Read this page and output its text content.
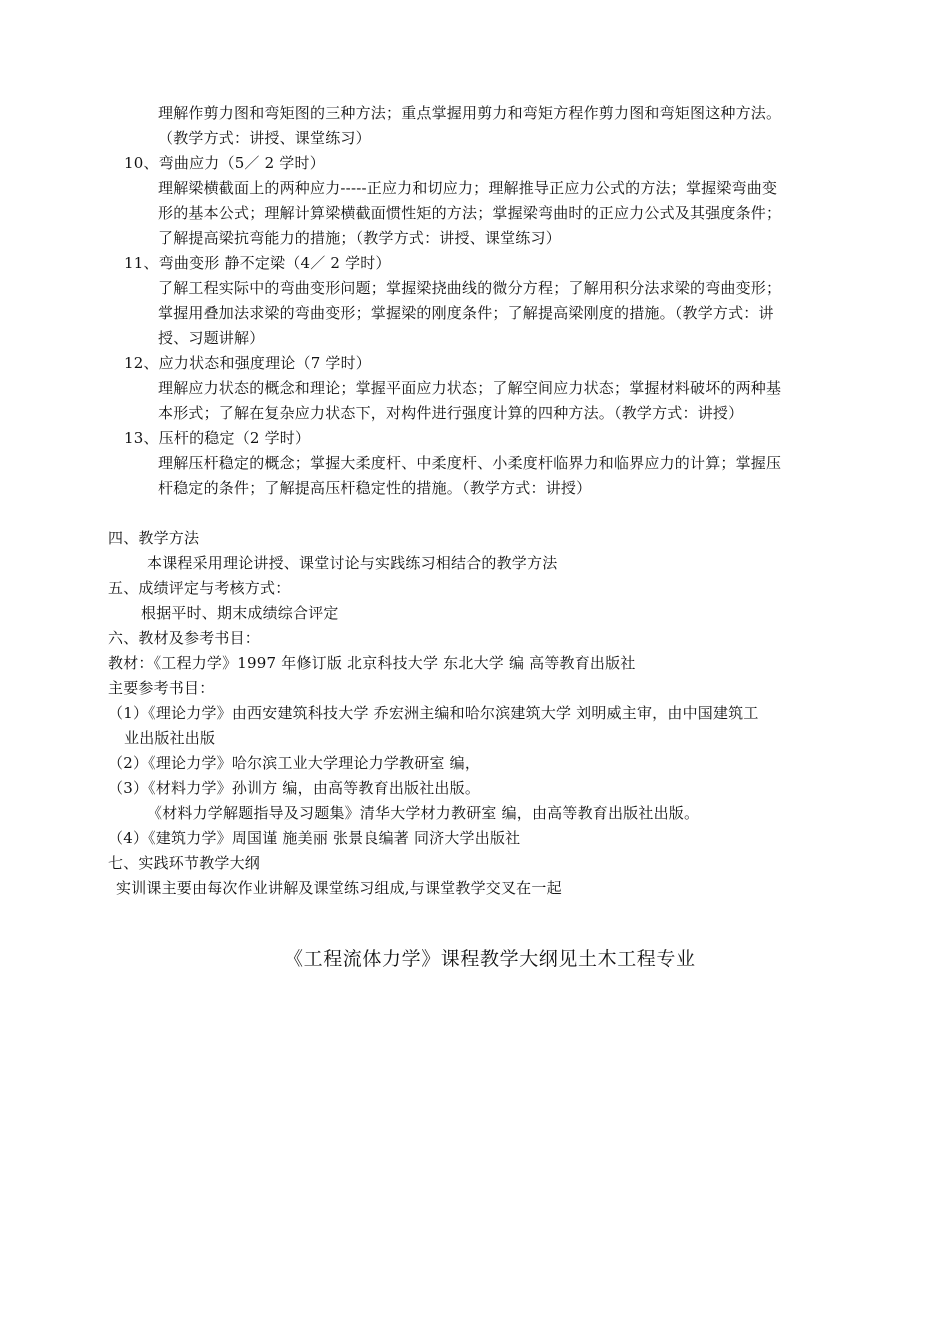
理解作剪力图和弯矩图的三种方法；重点掌握用剪力和弯矩方程作剪力图和弯矩图这种方法。
（教学方式：讲授、课堂练习）
10、弯曲应力（5／ 2 学时）
理解梁横截面上的两种应力-----正应力和切应力；理解推导正应力公式的方法；掌握梁弯曲变
形的基本公式；理解计算梁横截面惯性矩的方法；掌握梁弯曲时的正应力公式及其强度条件；
了解提高梁抗弯能力的措施；（教学方式：讲授、课堂练习）
11、弯曲变形 静不定梁（4／ 2 学时）
了解工程实际中的弯曲变形问题；掌握梁挠曲线的微分方程；了解用积分法求梁的弯曲变形；
掌握用叠加法求梁的弯曲变形；掌握梁的刚度条件；了解提高梁刚度的措施。（教学方式：讲
授、习题讲解）
12、应力状态和强度理论（7 学时）
理解应力状态的概念和理论；掌握平面应力状态；了解空间应力状态；掌握材料破坏的两种基
本形式；了解在复杂应力状态下，对构件进行强度计算的四种方法。（教学方式：讲授）
13、压杆的稳定（2 学时）
理解压杆稳定的概念；掌握大柔度杆、中柔度杆、小柔度杆临界力和临界应力的计算；掌握压
杆稳定的条件；了解提高压杆稳定性的措施。（教学方式：讲授）
四、教学方法
本课程采用理论讲授、课堂讨论与实践练习相结合的教学方法
五、成绩评定与考核方式：
根据平时、期末成绩综合评定
六、教材及参考书目：
教材：《工程力学》1997 年修订版 北京科技大学 东北大学 编 高等教育出版社
主要参考书目：
（1）《理论力学》由西安建筑科技大学 乔宏洲主编和哈尔滨建筑大学 刘明威主审，由中国建筑工
业出版社出版
（2）《理论力学》哈尔滨工业大学理论力学教研室 编，
（3）《材料力学》孙训方 编，由高等教育出版社出版。
《材料力学解题指导及习题集》清华大学材力教研室 编，由高等教育出版社出版。
（4）《建筑力学》周国谨 施美丽 张景良编著 同济大学出版社
七、实践环节教学大纲
实训课主要由每次作业讲解及课堂练习组成,与课堂教学交叉在一起
《工程流体力学》课程教学大纲见土木工程专业
